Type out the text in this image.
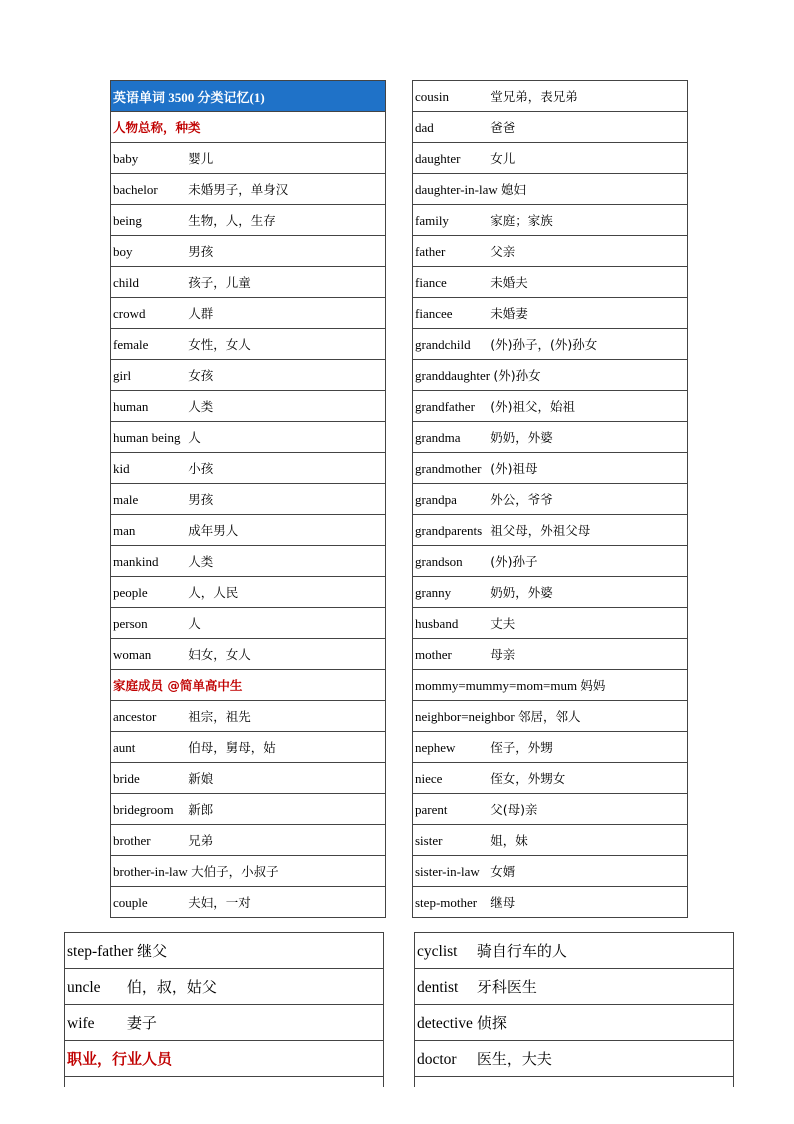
英语单词 3500 分类记忆(1)
人物总称，种类
baby	婴儿
bachelor 未婚男子，单身汉
being	生物，人，生存
boy	男孩
child	孩子，儿童
crowd	人群
female	女性，女人
girl	女孩
human	人类
human being 人
kid	小孩
male	男孩
man	成年男人
mankind 人类
people	人，人民
person	人
woman	妇女，女人
家庭成员 @简单高中生
ancestor	祖宗，祖先
aunt	伯母，舅母，姑
bride	新娘
bridegroom 新郎
brother	兄弟
brother-in-law 大伯子，小叔子
couple	夫妇，一对
cousin	堂兄弟，表兄弟
dad	爸爸
daughter 女儿
daughter-in-law 媳妇
family	家庭；家族
father	父亲
fiance	未婚夫
fiancee	未婚妻
grandchild (外)孙子，(外)孙女
granddaughter (外)孙女
grandfather (外)祖父，始祖
grandma 奶奶，外婆
grandmother (外)祖母
grandpa	外公，爷爷
grandparents 祖父母，外祖父母
grandson (外)孙子
granny	奶奶，外婆
husband	丈夫
mother	母亲
mommy=mummy=mom=mum 妈妈
neighbor=neighbor 邻居，邻人
nephew	侄子，外甥
niece	侄女，外甥女
parent	父(母)亲
sister	姐，妹
sister-in-law 女婿
step-mother 继母
step-father 继父
uncle 伯，叔，姑父
wife 妻子
职业，行业人员

cyclist 骑自行车的人
dentist 牙科医生
detective 侦探
doctor 医生，大夫
